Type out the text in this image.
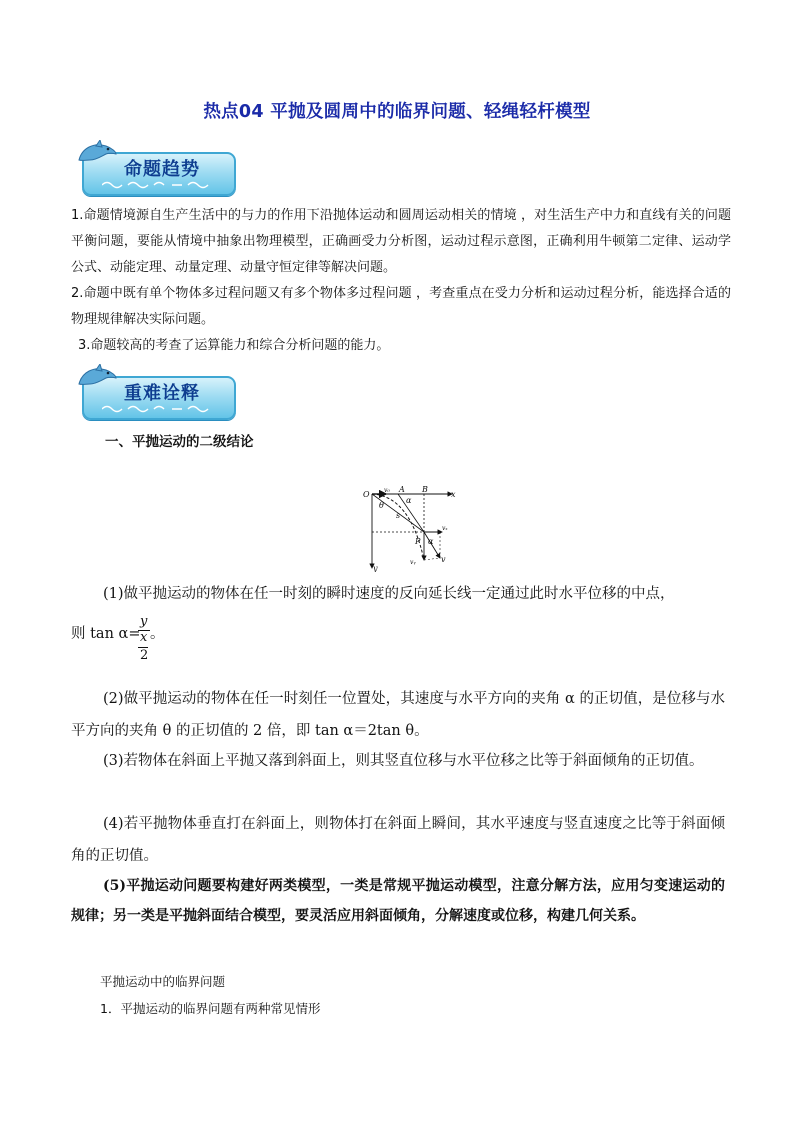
热点04 平抛及圆周中的临界问题、轻绳轻杆模型
命题趋势
1.命题情境源自生产生活中的与力的作用下沿抛体运动和圆周运动相关的情境 ，对生活生产中力和直线有关的问题平衡问题，要能从情境中抽象出物理模型，正确画受力分析图，运动过程示意图，正确利用牛顿第二定律、运动学公式、动能定理、动量定理、动量守恒定律等解决问题。
2.命题中既有单个物体多过程问题又有多个物体多过程问题 ，考查重点在受力分析和运动过程分析，能选择合适的物理规律解决实际问题。
3.命题较高的考查了运算能力和综合分析问题的能力。
重难诠释
一、平抛运动的二级结论
O
A B
x
y
v₀
α
θ
s
P
vₓ
α
vᵧ	v
(1)做平抛运动的物体在任一时刻的瞬时速度的反向延长线一定通过此时水平位移的中点，
则 tan α=
y
x
2
。
(2)做平抛运动的物体在任一时刻任一位置处，其速度与水平方向的夹角 α 的正切值，是位移与水平方向的夹角 θ 的正切值的 2 倍，即 tan α＝2tan θ。
(3)若物体在斜面上平抛又落到斜面上，则其竖直位移与水平位移之比等于斜面倾角的正切值。
(4)若平抛物体垂直打在斜面上，则物体打在斜面上瞬间，其水平速度与竖直速度之比等于斜面倾角的正切值。
(5)平抛运动问题要构建好两类模型，一类是常规平抛运动模型，注意分解方法，应用匀变速运动的规律；另一类是平抛斜面结合模型，要灵活应用斜面倾角，分解速度或位移，构建几何关系。
平抛运动中的临界问题
1．平抛运动的临界问题有两种常见情形
